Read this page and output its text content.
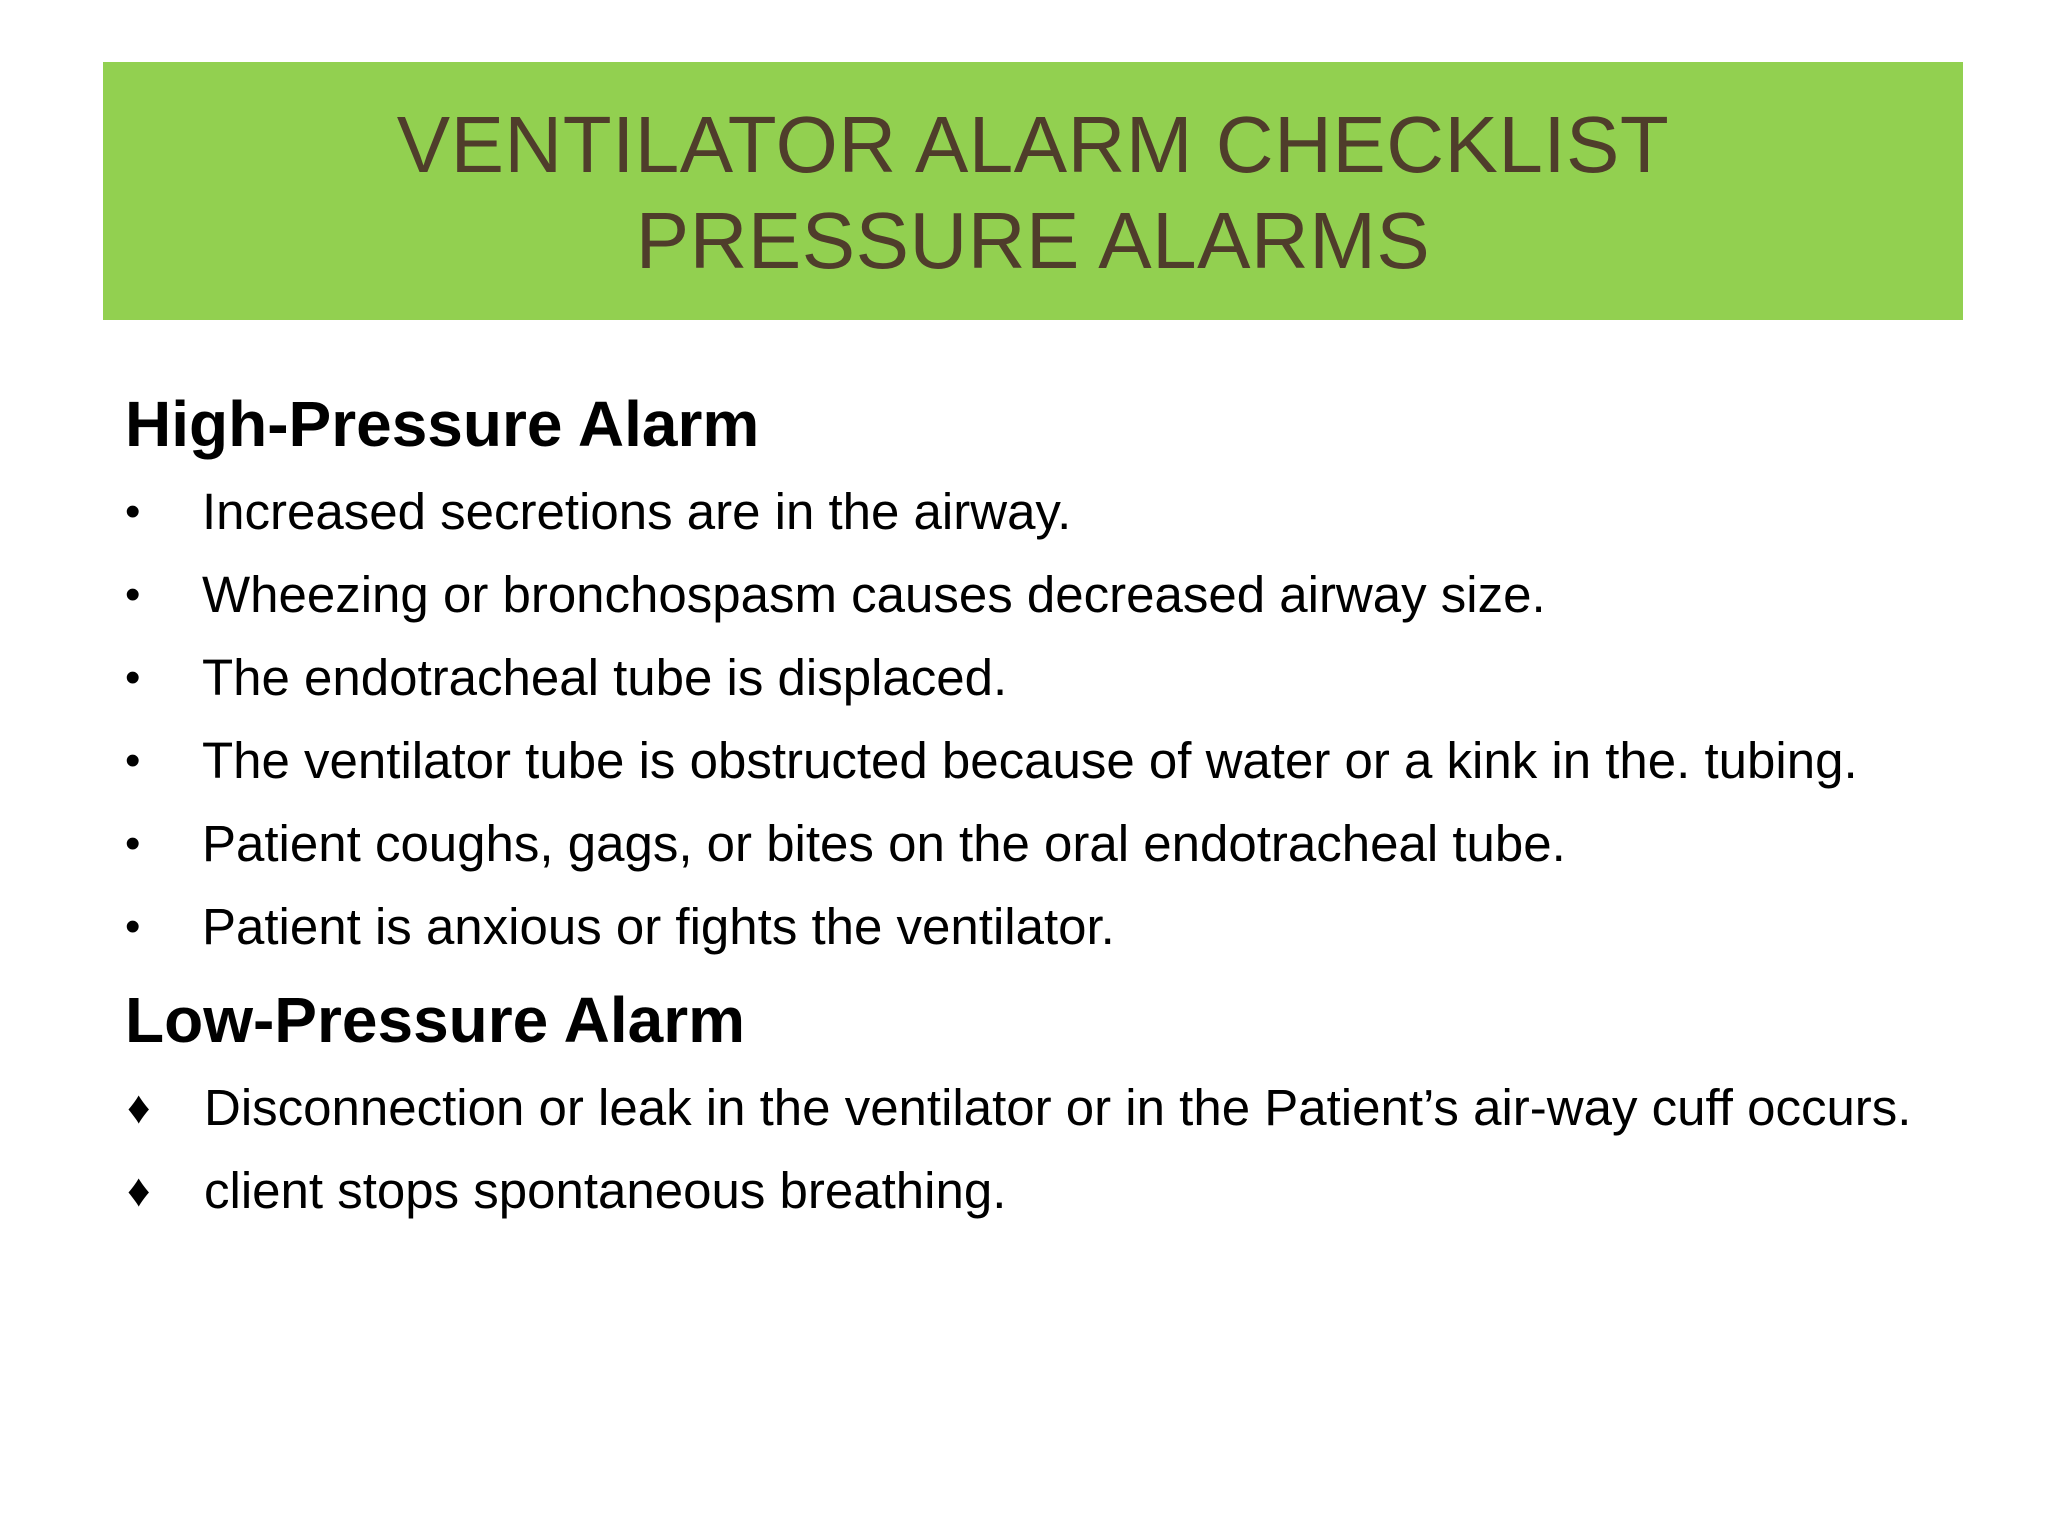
VENTILATOR ALARM CHECKLIST
PRESSURE ALARMS
High-Pressure Alarm
•	Increased secretions are in the airway.
•	Wheezing or bronchospasm causes decreased airway size.
•	The endotracheal tube is displaced.
•	The ventilator tube is obstructed because of water or a kink in the. tubing.
•	Patient coughs, gags, or bites on the oral endotracheal tube.
•	Patient is anxious or fights the ventilator.
Low-Pressure Alarm
♦	Disconnection or leak in the ventilator or in the Patient’s air-way cuff occurs.
♦	client stops spontaneous breathing.
